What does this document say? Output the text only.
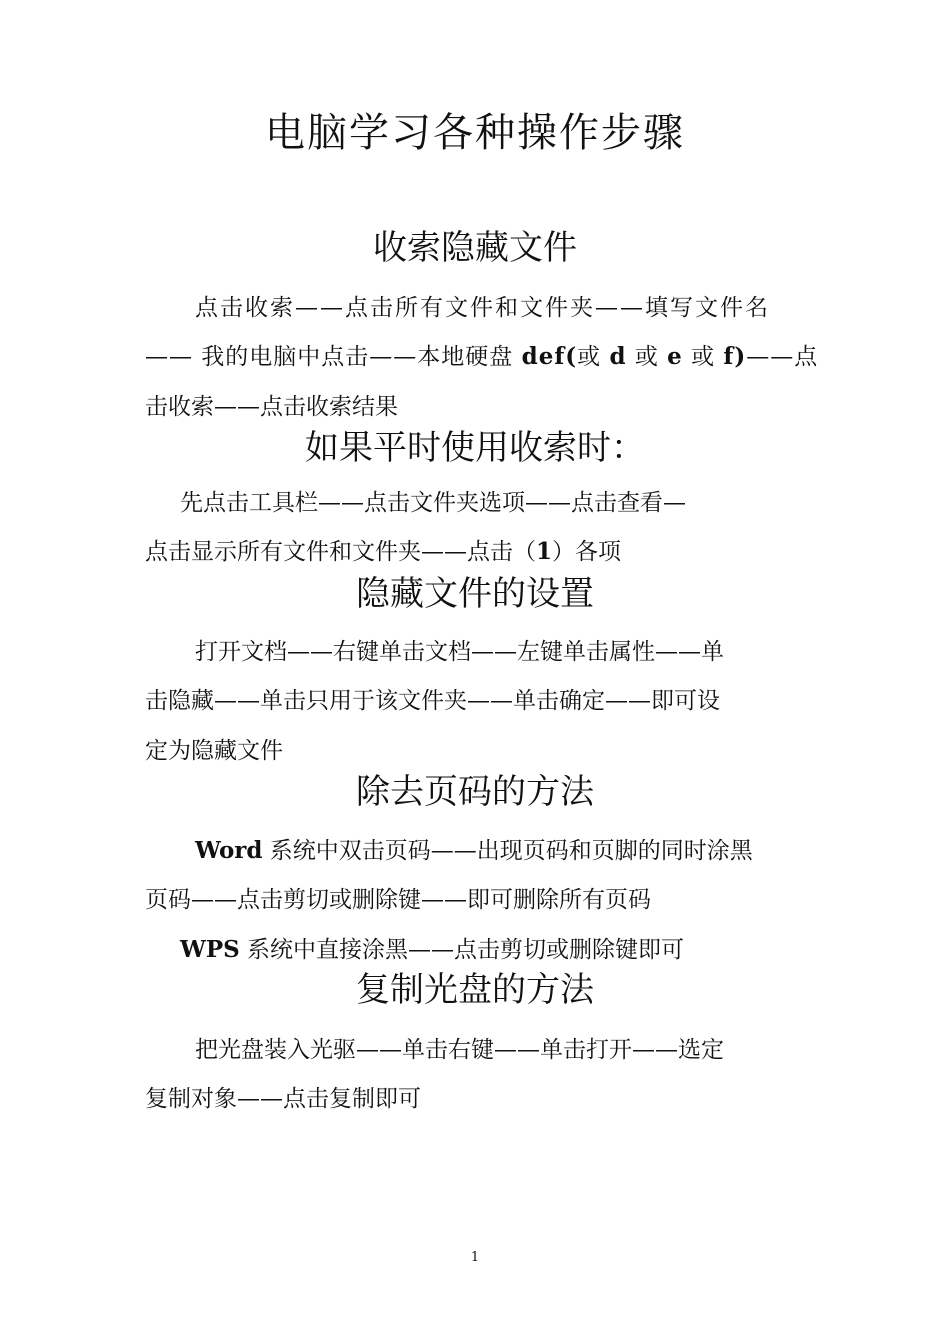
电脑学习各种操作步骤
收索隐藏文件
点击收索——点击所有文件和文件夹——填写文件名
—— 我的电脑中点击——本地硬盘 def(或 d 或 e 或 f)——点
击收索——点击收索结果
如果平时使用收索时：
先点击工具栏——点击文件夹选项——点击查看—
点击显示所有文件和文件夹——点击（1）各项
隐藏文件的设置
打开文档——右键单击文档——左键单击属性——单
击隐藏——单击只用于该文件夹——单击确定——即可设
定为隐藏文件
除去页码的方法
Word 系统中双击页码——出现页码和页脚的同时涂黑
页码——点击剪切或删除键——即可删除所有页码
WPS 系统中直接涂黑——点击剪切或删除键即可
复制光盘的方法
把光盘装入光驱——单击右键——单击打开——选定
复制对象——点击复制即可
1
